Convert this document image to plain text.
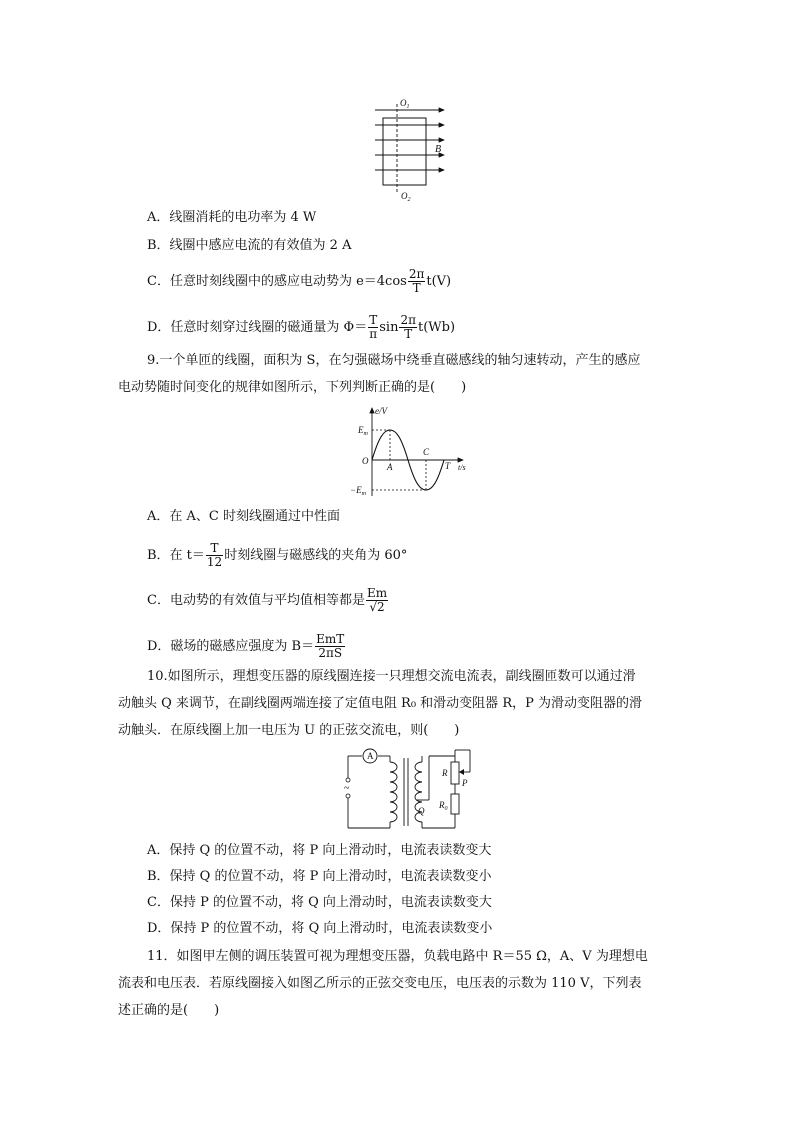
$O_1$
$O_2$
B
A．线圈消耗的电功率为 4 W
B．线圈中感应电流的有效值为 2 A
C．任意时刻线圈中的感应电动势为 $e=4\cos \frac{2\pi}{T} t(V)$
D．任意时刻穿过线圈的磁通量为 $\Phi= \frac{T}{\pi}$ $\sin \frac{2\pi}{T} t(Wb)$
9.一个单匝的线圈，面积为 S，在匀强磁场中绕垂直磁感线的轴匀速转动，产生的感应
电动势随时间变化的规律如图所示，下列判断正确的是(　　)
e/V
$E_m$
O
A
C
T t/s
$-E_m$
A．在 A、C 时刻线圈通过中性面
B．在 $t= \frac{T}{12}$ 时刻线圈与磁感线的夹角为 60°
C．电动势的有效值与平均值相等都是 $\frac{Em}{√2}$
D．磁场的磁感应强度为 $B= \frac{\text{EmT}}{2\pi S}$
10.如图所示，理想变压器的原线圈连接一只理想交流电流表，副线圈匝数可以通过滑
动触头 Q 来调节，在副线圈两端连接了定值电阻 R₀ 和滑动变阻器 R，P 为滑动变阻器的滑
动触头．在原线圈上加一电压为 U 的正弦交流电，则(　　)
A
~
R
P
Q
$R_0$
A．保持 Q 的位置不动，将 P 向上滑动时，电流表读数变大
B．保持 Q 的位置不动，将 P 向上滑动时，电流表读数变小
C．保持 P 的位置不动，将 Q 向上滑动时，电流表读数变大
D．保持 P 的位置不动，将 Q 向上滑动时，电流表读数变小
11．如图甲左侧的调压装置可视为理想变压器，负载电路中 R＝55 Ω，A、V 为理想电
流表和电压表．若原线圈接入如图乙所示的正弦交变电压，电压表的示数为 110 V，下列表
述正确的是(　　)
